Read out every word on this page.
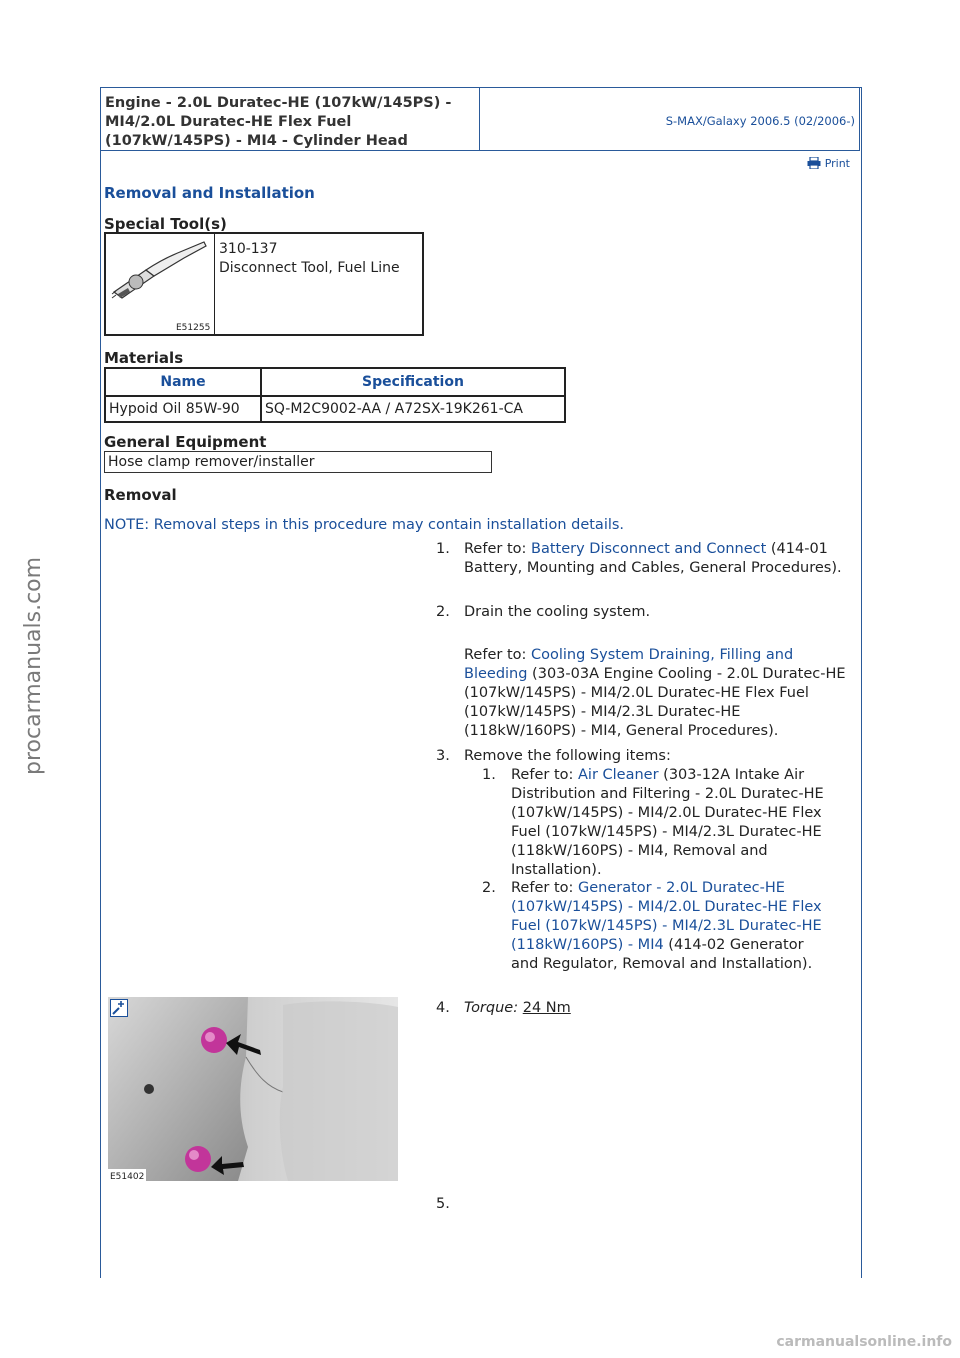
Engine - 2.0L Duratec-HE (107kW/145PS) - MI4/2.0L Duratec-HE Flex Fuel (107kW/145PS) - MI4 - Cylinder Head
S-MAX/Galaxy 2006.5 (02/2006-)
Print
Removal and Installation
Special Tool(s)
E51255
310-137
Disconnect Tool, Fuel Line
Materials
Name	Specification
Hypoid Oil 85W-90	SQ-M2C9002-AA / A72SX-19K261-CA
General Equipment
Hose clamp remover/installer
Removal
NOTE: Removal steps in this procedure may contain installation details.
1. Refer to: Battery Disconnect and Connect (414-01 Battery, Mounting and Cables, General Procedures).
2. Drain the cooling system.
Refer to: Cooling System Draining, Filling and Bleeding (303-03A Engine Cooling - 2.0L Duratec-HE (107kW/145PS) - MI4/2.0L Duratec-HE Flex Fuel (107kW/145PS) - MI4/2.3L Duratec-HE (118kW/160PS) - MI4, General Procedures).
3. Remove the following items:
1. Refer to: Air Cleaner (303-12A Intake Air Distribution and Filtering - 2.0L Duratec-HE (107kW/145PS) - MI4/2.0L Duratec-HE Flex Fuel (107kW/145PS) - MI4/2.3L Duratec-HE (118kW/160PS) - MI4, Removal and Installation).
2. Refer to: Generator - 2.0L Duratec-HE (107kW/145PS) - MI4/2.0L Duratec-HE Flex Fuel (107kW/145PS) - MI4/2.3L Duratec-HE (118kW/160PS) - MI4 (414-02 Generator and Regulator, Removal and Installation).
E51402
4. Torque: 24 Nm
5.
procarmanuals.com
carmanualsonline.info
